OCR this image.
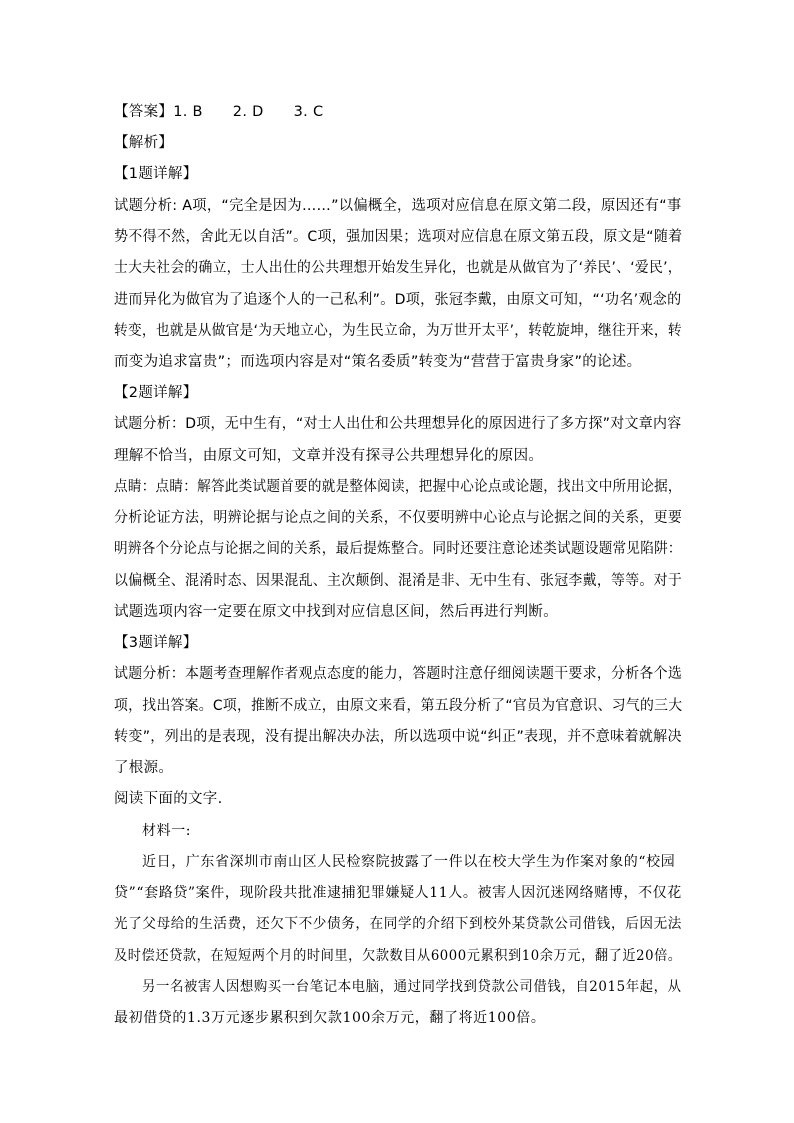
【答案】1. B 2. D 3. C
【解析】
【1题详解】
试题分析: A项，“完全是因为……”以偏概全，选项对应信息在原文第二段，原因还有“事
势不得不然，舍此无以自活”。C项，强加因果；选项对应信息在原文第五段，原文是“随着
士大夫社会的确立，士人出仕的公共理想开始发生异化，也就是从做官为了‘养民’、‘爱民’，
进而异化为做官为了追逐个人的一己私利”。D项，张冠李戴，由原文可知，“‘功名’观念的
转变，也就是从做官是‘为天地立心，为生民立命，为万世开太平’，转乾旋坤，继往开来，转
而变为追求富贵”；而选项内容是对“策名委质”转变为“营营于富贵身家”的论述。
【2题详解】
试题分析：D项，无中生有，“对士人出仕和公共理想异化的原因进行了多方探”对文章内容
理解不恰当，由原文可知，文章并没有探寻公共理想异化的原因。
点睛：点睛：解答此类试题首要的就是整体阅读，把握中心论点或论题，找出文中所用论据，
分析论证方法，明辨论据与论点之间的关系，不仅要明辨中心论点与论据之间的关系，更要
明辨各个分论点与论据之间的关系，最后提炼整合。同时还要注意论述类试题设题常见陷阱：
以偏概全、混淆时态、因果混乱、主次颠倒、混淆是非、无中生有、张冠李戴，等等。对于
试题选项内容一定要在原文中找到对应信息区间，然后再进行判断。
【3题详解】
试题分析：本题考查理解作者观点态度的能力，答题时注意仔细阅读题干要求，分析各个选
项，找出答案。C项，推断不成立，由原文来看，第五段分析了“官员为官意识、习气的三大
转变”，列出的是表现，没有提出解决办法，所以选项中说“纠正”表现，并不意味着就解决
了根源。
阅读下面的文字.
材料一:
近日，广东省深圳市南山区人民检察院披露了一件以在校大学生为作案对象的“校园
贷”“套路贷”案件，现阶段共批准逮捕犯罪嫌疑人11人。被害人因沉迷网络赌博，不仅花
光了父母给的生活费，还欠下不少债务，在同学的介绍下到校外某贷款公司借钱，后因无法
及时偿还贷款，在短短两个月的时间里，欠款数目从6000元累积到10余万元，翻了近20倍。
另一名被害人因想购买一台笔记本电脑，通过同学找到贷款公司借钱，自2015年起，从
最初借贷的1.3万元逐步累积到欠款100余万元，翻了将近100倍。
